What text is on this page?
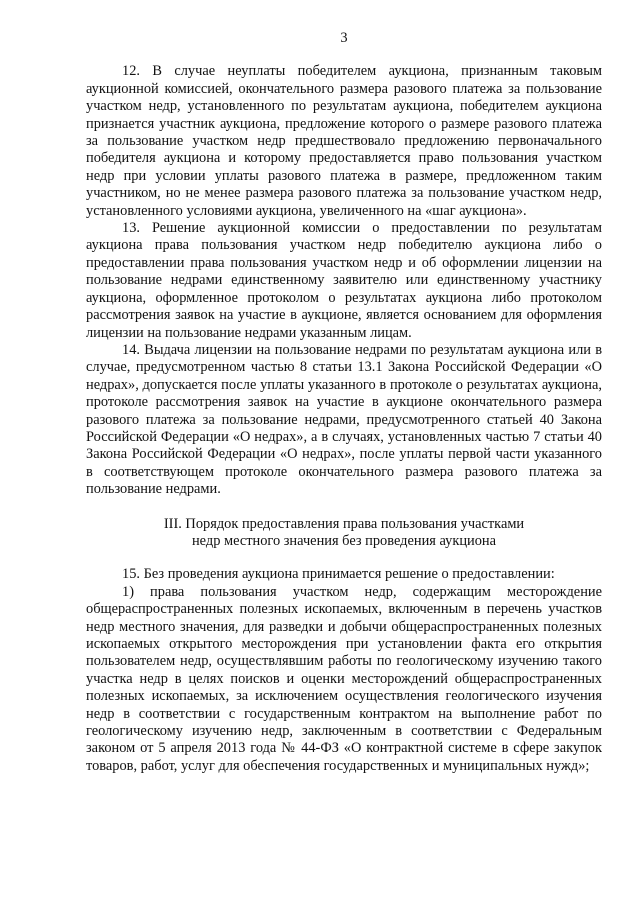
3

12. В случае неуплаты победителем аукциона, признанным таковым аукционной комиссией, окончательного размера разового платежа за пользование участком недр, установленного по результатам аукциона, победителем аукциона признается участник аукциона, предложение которого о размере разового платежа за пользование участком недр предшествовало предложению первоначального победителя аукциона и которому предоставляется право пользования участком недр при условии уплаты разового платежа в размере, предложенном таким участником, но не менее размера разового платежа за пользование участком недр, установленного условиями аукциона, увеличенного на «шаг аукциона».

13. Решение аукционной комиссии о предоставлении по результатам аукциона права пользования участком недр победителю аукциона либо о предоставлении права пользования участком недр и об оформлении лицензии на пользование недрами единственному заявителю или единственному участнику аукциона, оформленное протоколом о результатах аукциона либо протоколом рассмотрения заявок на участие в аукционе, является основанием для оформления лицензии на пользование недрами указанным лицам.

14. Выдача лицензии на пользование недрами по результатам аукциона или в случае, предусмотренном частью 8 статьи 13.1 Закона Российской Федерации «О недрах», допускается после уплаты указанного в протоколе о результатах аукциона, протоколе рассмотрения заявок на участие в аукционе окончательного размера разового платежа за пользование недрами, предусмотренного статьей 40 Закона Российской Федерации «О недрах», а в случаях, установленных частью 7 статьи 40 Закона Российской Федерации «О недрах», после уплаты первой части указанного в соответствующем протоколе окончательного размера разового платежа за пользование недрами.

III. Порядок предоставления права пользования участками
недр местного значения без проведения аукциона

15. Без проведения аукциона принимается решение о предоставлении:

1) права пользования участком недр, содержащим месторождение общераспространенных полезных ископаемых, включенным в перечень участков недр местного значения, для разведки и добычи общераспространенных полезных ископаемых открытого месторождения при установлении факта его открытия пользователем недр, осуществлявшим работы по геологическому изучению такого участка недр в целях поисков и оценки месторождений общераспространенных полезных ископаемых, за исключением осуществления геологического изучения недр в соответствии с государственным контрактом на выполнение работ по геологическому изучению недр, заключенным в соответствии с Федеральным законом от 5 апреля 2013 года № 44-ФЗ «О контрактной системе в сфере закупок товаров, работ, услуг для обеспечения государственных и муниципальных нужд»;
